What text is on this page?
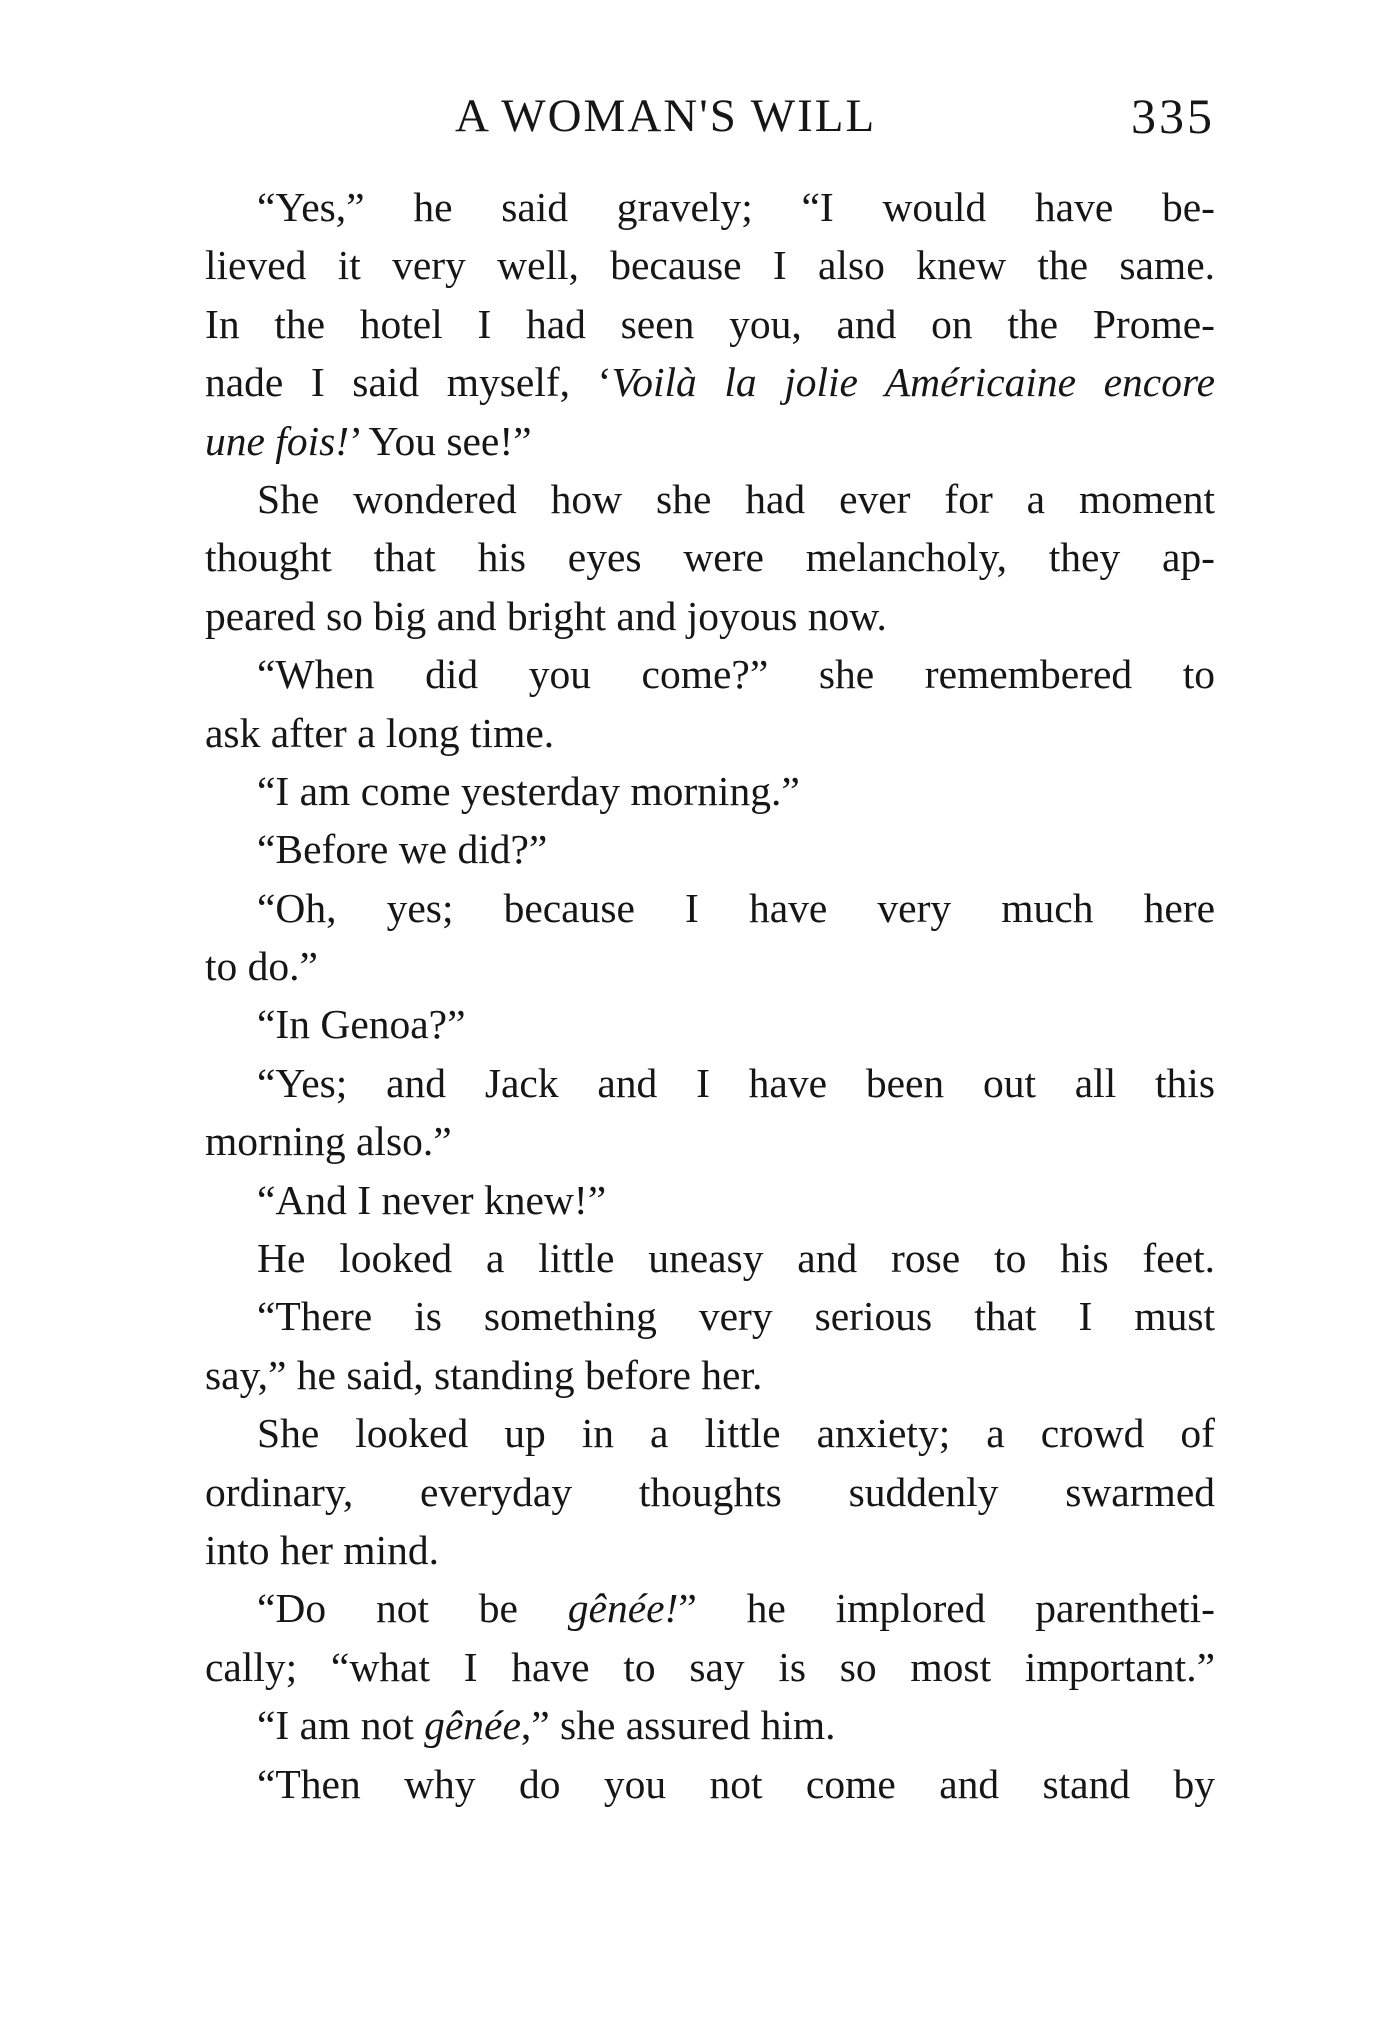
A WOMAN'S WILL	335
“Yes,” he said gravely; “I would have be-
lieved it very well, because I also knew the same.
In the hotel I had seen you, and on the Prome-
nade I said myself, ‘Voilà la jolie Américaine encore
une fois!’ You see!”
She wondered how she had ever for a moment
thought that his eyes were melancholy, they ap-
peared so big and bright and joyous now.
“When did you come?” she remembered to
ask after a long time.
“I am come yesterday morning.”
“Before we did?”
“Oh, yes; because I have very much here
to do.”
“In Genoa?”
“Yes; and Jack and I have been out all this
morning also.”
“And I never knew!”
He looked a little uneasy and rose to his feet.
“There is something very serious that I must
say,” he said, standing before her.
She looked up in a little anxiety; a crowd of
ordinary, everyday thoughts suddenly swarmed
into her mind.
“Do not be gênée!” he implored parentheti-
cally; “what I have to say is so most important.”
“I am not gênée,” she assured him.
“Then why do you not come and stand by
